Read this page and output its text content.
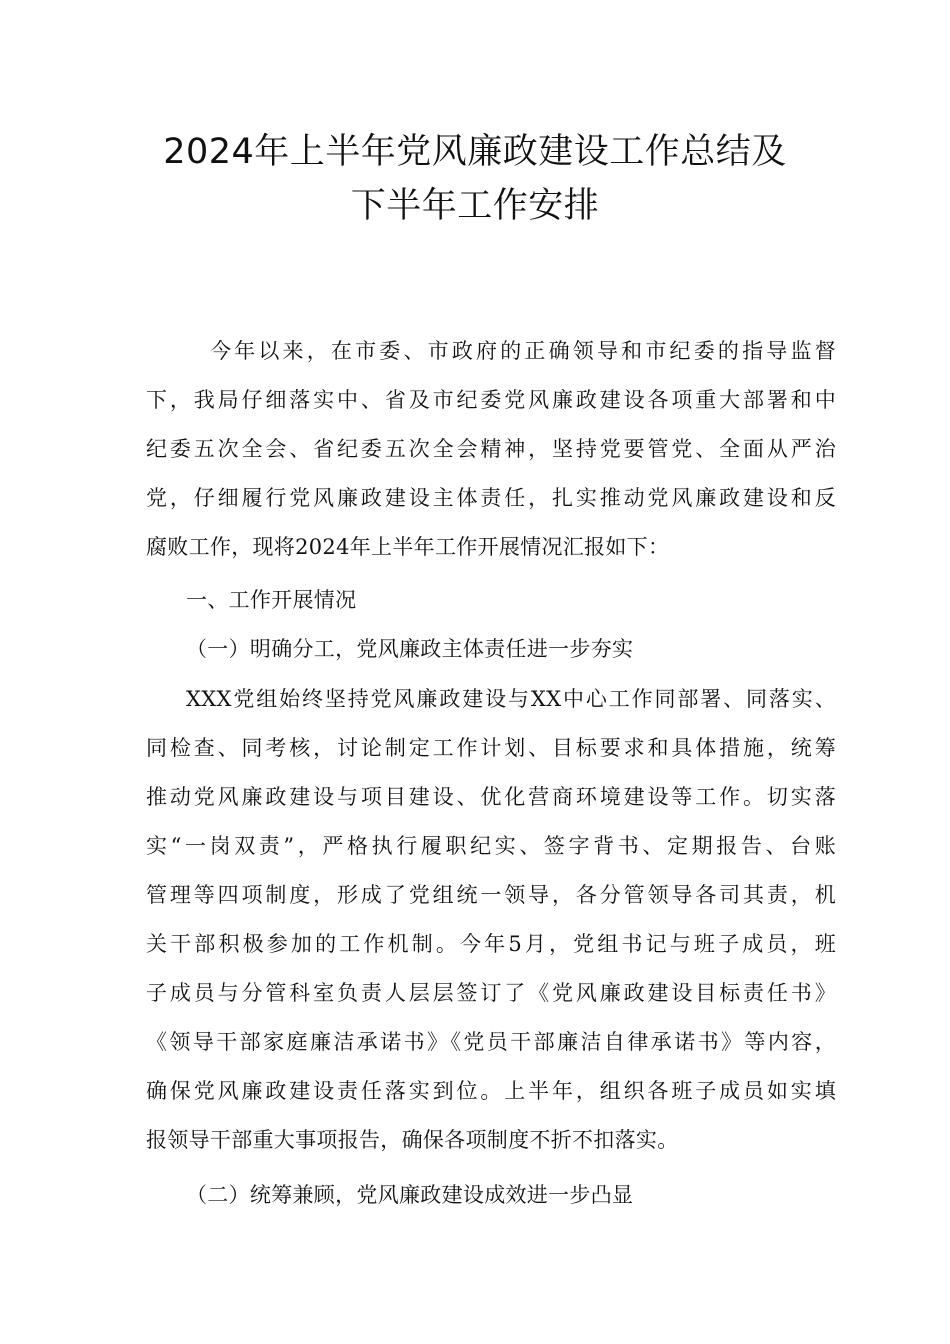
2024年上半年党风廉政建设工作总结及
下半年工作安排
今年以来，在市委、市政府的正确领导和市纪委的指导监督
下，我局仔细落实中、省及市纪委党风廉政建设各项重大部署和中
纪委五次全会、省纪委五次全会精神，坚持党要管党、全面从严治
党，仔细履行党风廉政建设主体责任，扎实推动党风廉政建设和反
腐败工作，现将2024年上半年工作开展情况汇报如下：
一、工作开展情况
（一）明确分工，党风廉政主体责任进一步夯实
XXX党组始终坚持党风廉政建设与XX中心工作同部署、同落实、
同检查、同考核，讨论制定工作计划、目标要求和具体措施，统筹
推动党风廉政建设与项目建设、优化营商环境建设等工作。切实落
实“一岗双责”，严格执行履职纪实、签字背书、定期报告、台账
管理等四项制度，形成了党组统一领导，各分管领导各司其责，机
关干部积极参加的工作机制。今年5月，党组书记与班子成员，班
子成员与分管科室负责人层层签订了《党风廉政建设目标责任书》
《领导干部家庭廉洁承诺书》《党员干部廉洁自律承诺书》等内容，
确保党风廉政建设责任落实到位。上半年，组织各班子成员如实填
报领导干部重大事项报告，确保各项制度不折不扣落实。
（二）统筹兼顾，党风廉政建设成效进一步凸显
